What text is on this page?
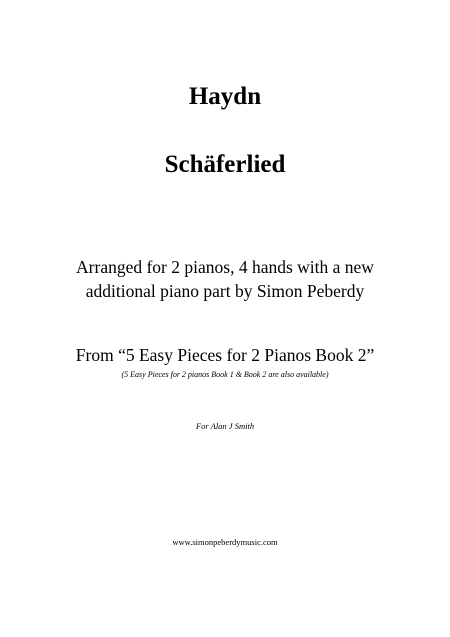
Haydn
Schäferlied
Arranged for 2 pianos, 4 hands with a new
additional piano part by Simon Peberdy
From “5 Easy Pieces for 2 Pianos Book 2”
(5 Easy Pieces for 2 pianos Book 1 & Book 2 are also available)
For Alan J Smith
www.simonpeberdymusic.com
